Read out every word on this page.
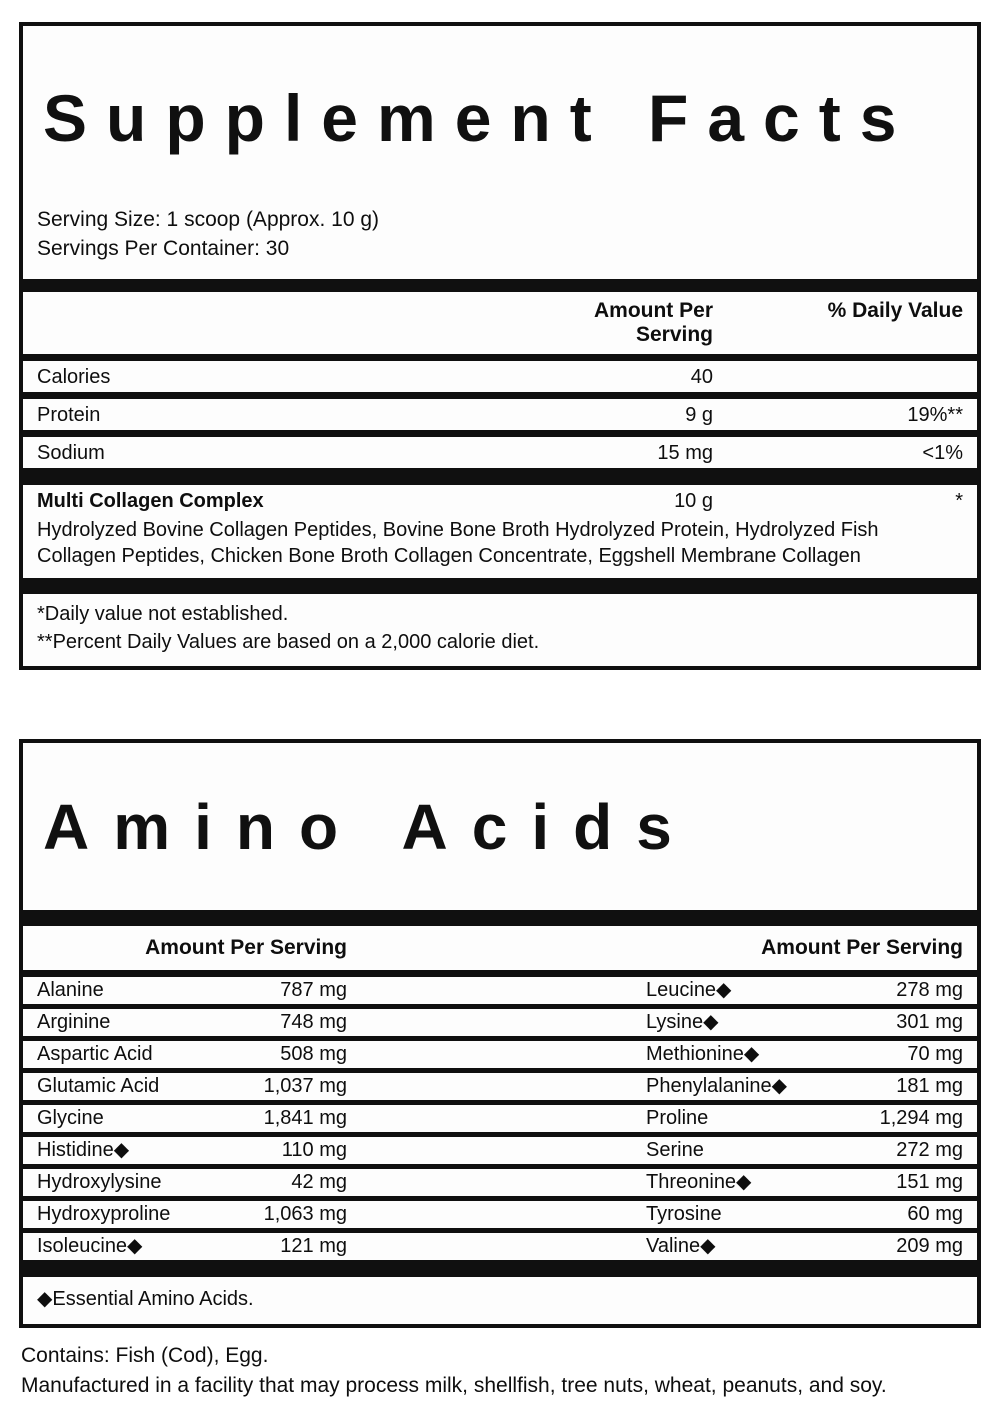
Supplement Facts
Serving Size: 1 scoop (Approx. 10 g)
Servings Per Container: 30
Amount Per Serving
% Daily Value
Calories	40
Protein	9 g	19%**
Sodium	15 mg	<1%
Multi Collagen Complex	10 g	*
Hydrolyzed Bovine Collagen Peptides, Bovine Bone Broth Hydrolyzed Protein, Hydrolyzed Fish Collagen Peptides, Chicken Bone Broth Collagen Concentrate, Eggshell Membrane Collagen
*Daily value not established.
**Percent Daily Values are based on a 2,000 calorie diet.
Amino Acids
Amount Per Serving	Amount Per Serving
Alanine	787 mg	Leucine◆	278 mg
Arginine	748 mg	Lysine◆	301 mg
Aspartic Acid	508 mg	Methionine◆	70 mg
Glutamic Acid	1,037 mg	Phenylalanine◆	181 mg
Glycine	1,841 mg	Proline	1,294 mg
Histidine◆	110 mg	Serine	272 mg
Hydroxylysine	42 mg	Threonine◆	151 mg
Hydroxyproline	1,063 mg	Tyrosine	60 mg
Isoleucine◆	121 mg	Valine◆	209 mg
◆Essential Amino Acids.
Contains: Fish (Cod), Egg.
Manufactured in a facility that may process milk, shellfish, tree nuts, wheat, peanuts, and soy.
